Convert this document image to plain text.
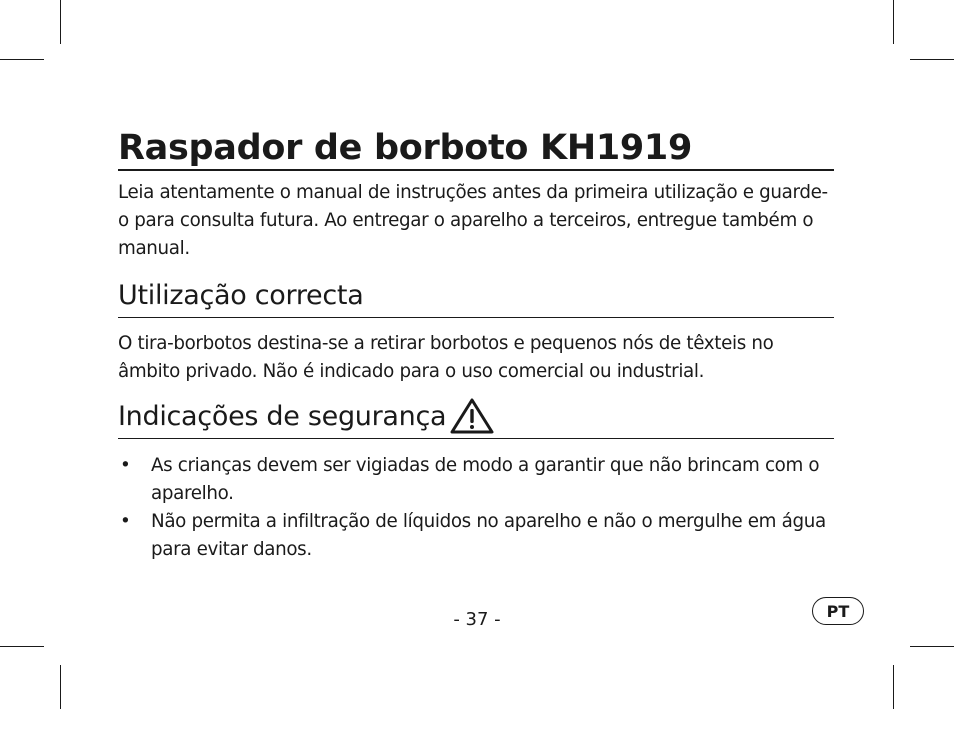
Raspador de borboto KH1919

Leia atentamente o manual de instruções antes da primeira utilização e guarde-o para consulta futura. Ao entregar o aparelho a terceiros, entregue também o manual.

Utilização correcta

O tira-borbotos destina-se a retirar borbotos e pequenos nós de têxteis no âmbito privado. Não é indicado para o uso comercial ou industrial.

Indicações de segurança
• As crianças devem ser vigiadas de modo a garantir que não brincam com o aparelho.
• Não permita a infiltração de líquidos no aparelho e não o mergulhe em água para evitar danos.
- 37 -	PT
